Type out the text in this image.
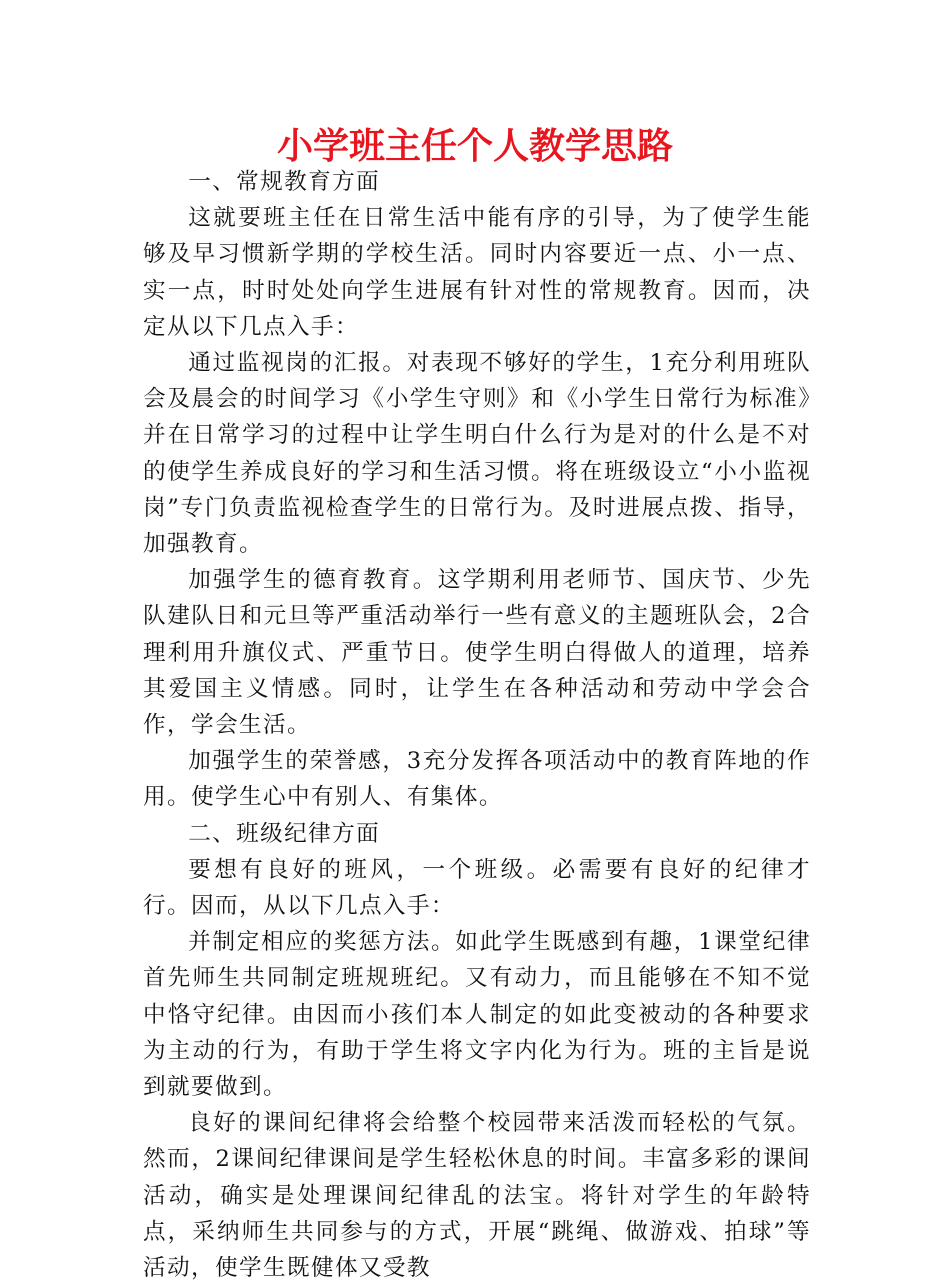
小学班主任个人教学思路

一、常规教育方面

这就要班主任在日常生活中能有序的引导，为了使学生能够及早习惯新学期的学校生活。同时内容要近一点、小一点、实一点，时时处处向学生进展有针对性的常规教育。因而，决定从以下几点入手：

通过监视岗的汇报。对表现不够好的学生，1充分利用班队会及晨会的时间学习《小学生守则》和《小学生日常行为标准》并在日常学习的过程中让学生明白什么行为是对的什么是不对的使学生养成良好的学习和生活习惯。将在班级设立“小小监视岗”专门负责监视检查学生的日常行为。及时进展点拨、指导，加强教育。

加强学生的德育教育。这学期利用老师节、国庆节、少先队建队日和元旦等严重活动举行一些有意义的主题班队会，2合理利用升旗仪式、严重节日。使学生明白得做人的道理，培养其爱国主义情感。同时，让学生在各种活动和劳动中学会合作，学会生活。

加强学生的荣誉感，3充分发挥各项活动中的教育阵地的作用。使学生心中有别人、有集体。

二、班级纪律方面

要想有良好的班风，一个班级。必需要有良好的纪律才行。因而，从以下几点入手：

并制定相应的奖惩方法。如此学生既感到有趣，1课堂纪律首先师生共同制定班规班纪。又有动力，而且能够在不知不觉中恪守纪律。由因而小孩们本人制定的如此变被动的各种要求为主动的行为，有助于学生将文字内化为行为。班的主旨是说到就要做到。

良好的课间纪律将会给整个校园带来活泼而轻松的气氛。然而，2课间纪律课间是学生轻松休息的时间。丰富多彩的课间活动，确实是处理课间纪律乱的法宝。将针对学生的年龄特点，采纳师生共同参与的方式，开展“跳绳、做游戏、拍球”等活动，使学生既健体又受教
